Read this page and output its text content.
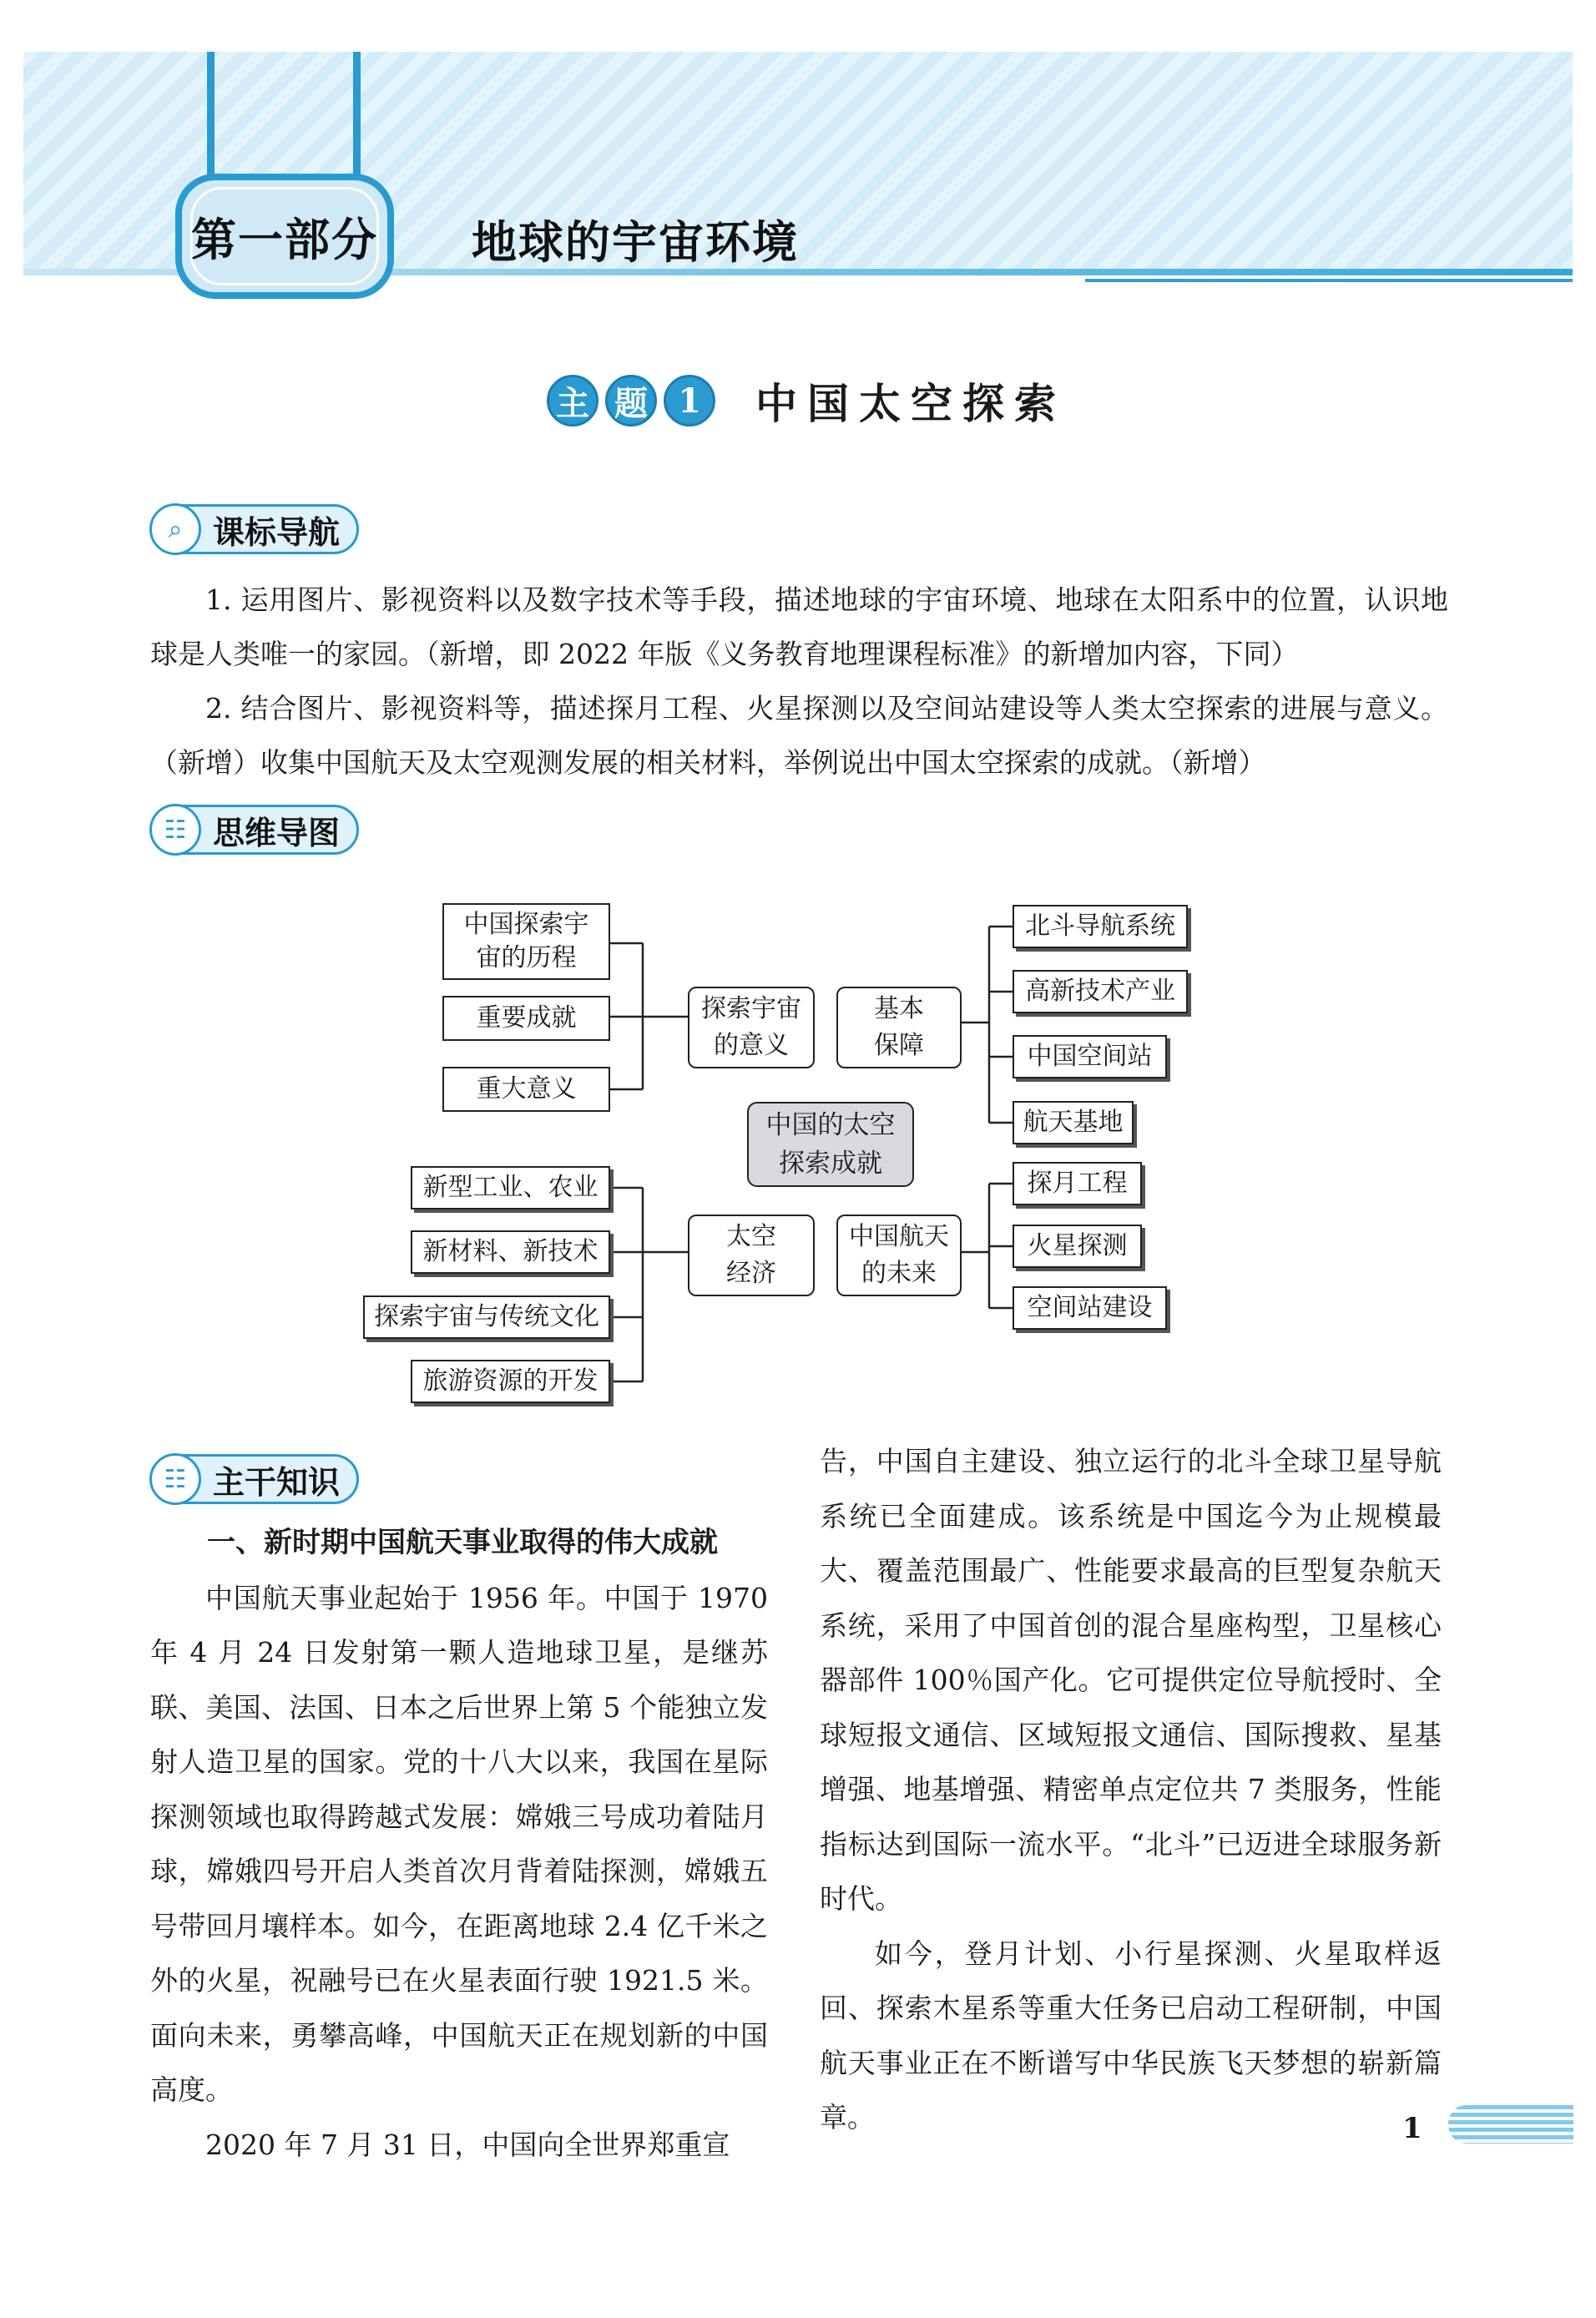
第一部分 地球的宇宙环境
主 题 1	中国太空探索
⌕ 课标导航

1. 运用图片、影视资料以及数字技术等手段，描述地球的宇宙环境、地球在太阳系中的位置，认识地球是人类唯一的家园。（新增，即 2022 年版《义务教育地理课程标准》的新增加内容，下同）

2. 结合图片、影视资料等，描述探月工程、火星探测以及空间站建设等人类太空探索的进展与意义。（新增）收集中国航天及太空观测发展的相关材料，举例说出中国太空探索的成就。（新增）

☷ 思维导图
中国的太空探索成就
探索宇宙的意义
基本保障
太空经济
中国航天的未来
中国探索宇宙的历程
重要成就
重大意义
北斗导航系统
高新技术产业
中国空间站
航天基地
新型工业、农业
新材料、新技术
探索宇宙与传统文化
旅游资源的开发
探月工程
火星探测
空间站建设
☷ 主干知识

一、新时期中国航天事业取得的伟大成就

中国航天事业起始于 1956 年。中国于 1970 年 4 月 24 日发射第一颗人造地球卫星，是继苏联、美国、法国、日本之后世界上第 5 个能独立发射人造卫星的国家。党的十八大以来，我国在星际探测领域也取得跨越式发展：嫦娥三号成功着陆月球，嫦娥四号开启人类首次月背着陆探测，嫦娥五号带回月壤样本。如今，在距离地球 2.4 亿千米之外的火星，祝融号已在火星表面行驶 1921.5 米。面向未来，勇攀高峰，中国航天正在规划新的中国高度。

2020 年 7 月 31 日，中国向全世界郑重宣

告，中国自主建设、独立运行的北斗全球卫星导航系统已全面建成。该系统是中国迄今为止规模最大、覆盖范围最广、性能要求最高的巨型复杂航天系统，采用了中国首创的混合星座构型，卫星核心器部件 100％国产化。它可提供定位导航授时、全球短报文通信、区域短报文通信、国际搜救、星基增强、地基增强、精密单点定位共 7 类服务，性能指标达到国际一流水平。“北斗”已迈进全球服务新时代。

如今，登月计划、小行星探测、火星取样返回、探索木星系等重大任务已启动工程研制，中国航天事业正在不断谱写中华民族飞天梦想的崭新篇章。	1
